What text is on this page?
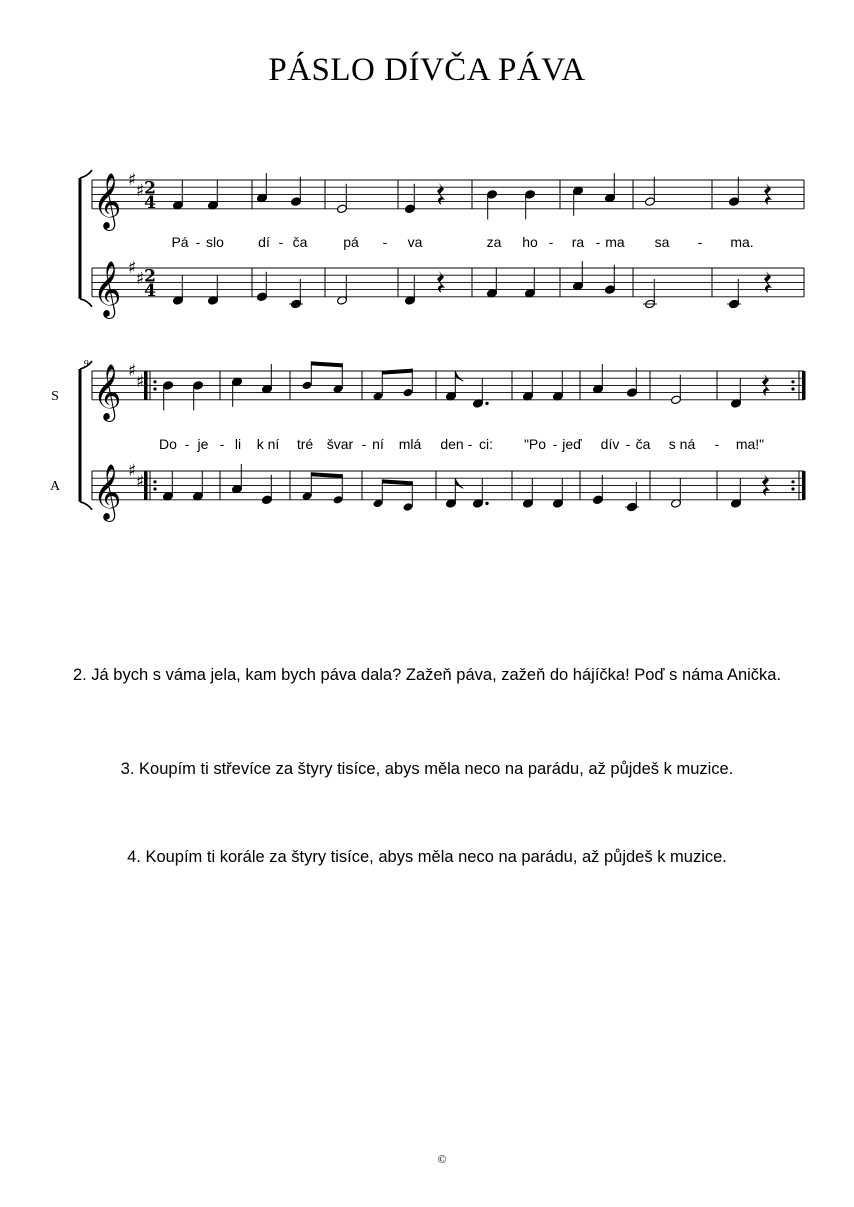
PÁSLO DÍVČA PÁVA
𝄞 ♯
♯ 2
4
𝄞 ♯
♯ 2
4
Pá - slo dí - ča	pá - va	za ho - ra - ma sa - ma.
S
A
9 𝄞 ♯
♯
𝄞 ♯
♯
Do - je - li k ní tré švar - ní mlá den - ci: "Po - jeď dív - ča s ná - ma!"
2. Já bych s váma jela, kam bych páva dala? Zažeň páva, zažeň do hájíčka! Poď s náma Anička.
3. Koupím ti střevíce za štyry tisíce, abys měla neco na parádu, až půjdeš k muzice.
4. Koupím ti korále za štyry tisíce, abys měla neco na parádu, až půjdeš k muzice.
©
